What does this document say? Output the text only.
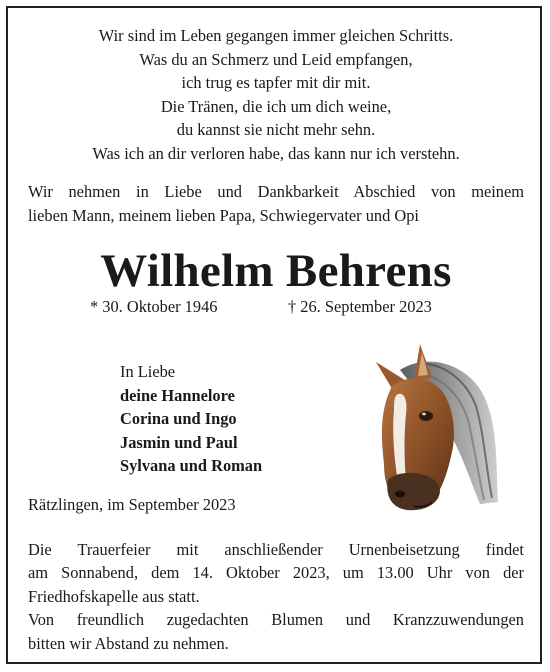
Wir sind im Leben gegangen immer gleichen Schritts.
Was du an Schmerz und Leid empfangen,
ich trug es tapfer mit dir mit.
Die Tränen, die ich um dich weine,
du kannst sie nicht mehr sehn.
Was ich an dir verloren habe, das kann nur ich verstehn.
Wir nehmen in Liebe und Dankbarkeit Abschied von meinem
lieben Mann, meinem lieben Papa, Schwiegervater und Opi
Wilhelm Behrens
* 30. Oktober 1946	† 26. September 2023
In Liebe
deine Hannelore
Corina und Ingo
Jasmin und Paul
Sylvana und Roman
Rätzlingen, im September 2023
Die Trauerfeier mit anschließender Urnenbeisetzung findet
am Sonnabend, dem 14. Oktober 2023, um 13.00 Uhr von der
Friedhofskapelle aus statt.
Von freundlich zugedachten Blumen und Kranzzuwendungen
bitten wir Abstand zu nehmen.
